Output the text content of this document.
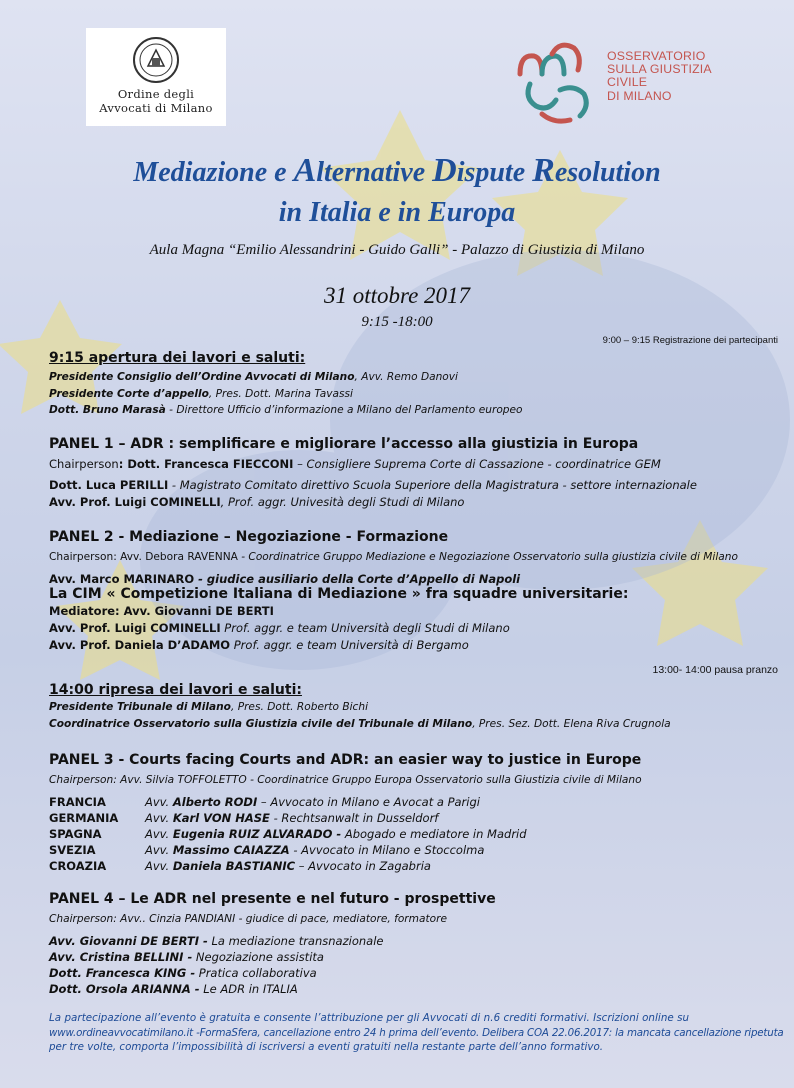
Ordine degli
Avvocati di Milano
OSSERVATORIO
SULLA GIUSTIZIA
CIVILE
DI MILANO
Mediazione e Alternative Dispute Resolution
in Italia e in Europa
Aula Magna “Emilio Alessandrini - Guido Galli” - Palazzo di Giustizia di Milano
31 ottobre 2017
9:15 -18:00
9:00 – 9:15 Registrazione dei partecipanti
9:15 apertura dei lavori e saluti:
Presidente Consiglio dell’Ordine Avvocati di Milano, Avv. Remo Danovi
Presidente Corte d’appello, Pres. Dott. Marina Tavassi
Dott. Bruno Marasà - Direttore Ufficio d’informazione a Milano del Parlamento europeo
PANEL 1 – ADR : semplificare e migliorare l’accesso alla giustizia in Europa
Chairperson: Dott. Francesca FIECCONI – Consigliere Suprema Corte di Cassazione - coordinatrice GEM
Dott. Luca PERILLI - Magistrato Comitato direttivo Scuola Superiore della Magistratura - settore internazionale
Avv. Prof. Luigi COMINELLI, Prof. aggr. Univesità degli Studi di Milano
PANEL 2 - Mediazione – Negoziazione - Formazione
Chairperson: Avv. Debora RAVENNA - Coordinatrice Gruppo Mediazione e Negoziazione Osservatorio sulla giustizia civile di Milano
Avv. Marco MARINARO - giudice ausiliario della Corte d’Appello di Napoli
La CIM « Competizione Italiana di Mediazione » fra squadre universitarie:
Mediatore: Avv. Giovanni DE BERTI
Avv. Prof. Luigi COMINELLI Prof. aggr. e team Università degli Studi di Milano
Avv. Prof. Daniela D’ADAMO Prof. aggr. e team Università di Bergamo
13:00- 14:00 pausa pranzo
14:00 ripresa dei lavori e saluti:
Presidente Tribunale di Milano, Pres. Dott. Roberto Bichi
Coordinatrice Osservatorio sulla Giustizia civile del Tribunale di Milano, Pres. Sez. Dott. Elena Riva Crugnola
PANEL 3 - Courts facing Courts and ADR: an easier way to justice in Europe
Chairperson: Avv. Silvia TOFFOLETTO - Coordinatrice Gruppo Europa Osservatorio sulla Giustizia civile di Milano
FRANCIA	Avv. Alberto RODI – Avvocato in Milano e Avocat a Parigi
GERMANIA Avv. Karl VON HASE - Rechtsanwalt in Dusseldorf
SPAGNA	Avv. Eugenia RUIZ ALVARADO - Abogado e mediatore in Madrid
SVEZIA	Avv. Massimo CAIAZZA - Avvocato in Milano e Stoccolma
CROAZIA	Avv. Daniela BASTIANIC – Avvocato in Zagabria
PANEL 4 – Le ADR nel presente e nel futuro - prospettive
Chairperson: Avv.. Cinzia PANDIANI - giudice di pace, mediatore, formatore
Avv. Giovanni DE BERTI - La mediazione transnazionale
Avv. Cristina BELLINI - Negoziazione assistita
Dott. Francesca KING - Pratica collaborativa
Dott. Orsola ARIANNA - Le ADR in ITALIA
La partecipazione all’evento è gratuita e consente l’attribuzione per gli Avvocati di n.6 crediti formativi. Iscrizioni online su
www.ordineavvocatimilano.it -FormaSfera, cancellazione entro 24 h prima dell’evento. Delibera COA 22.06.2017: la mancata cancellazione ripetuta
per tre volte, comporta l’impossibilità di iscriversi a eventi gratuiti nella restante parte dell’anno formativo.
